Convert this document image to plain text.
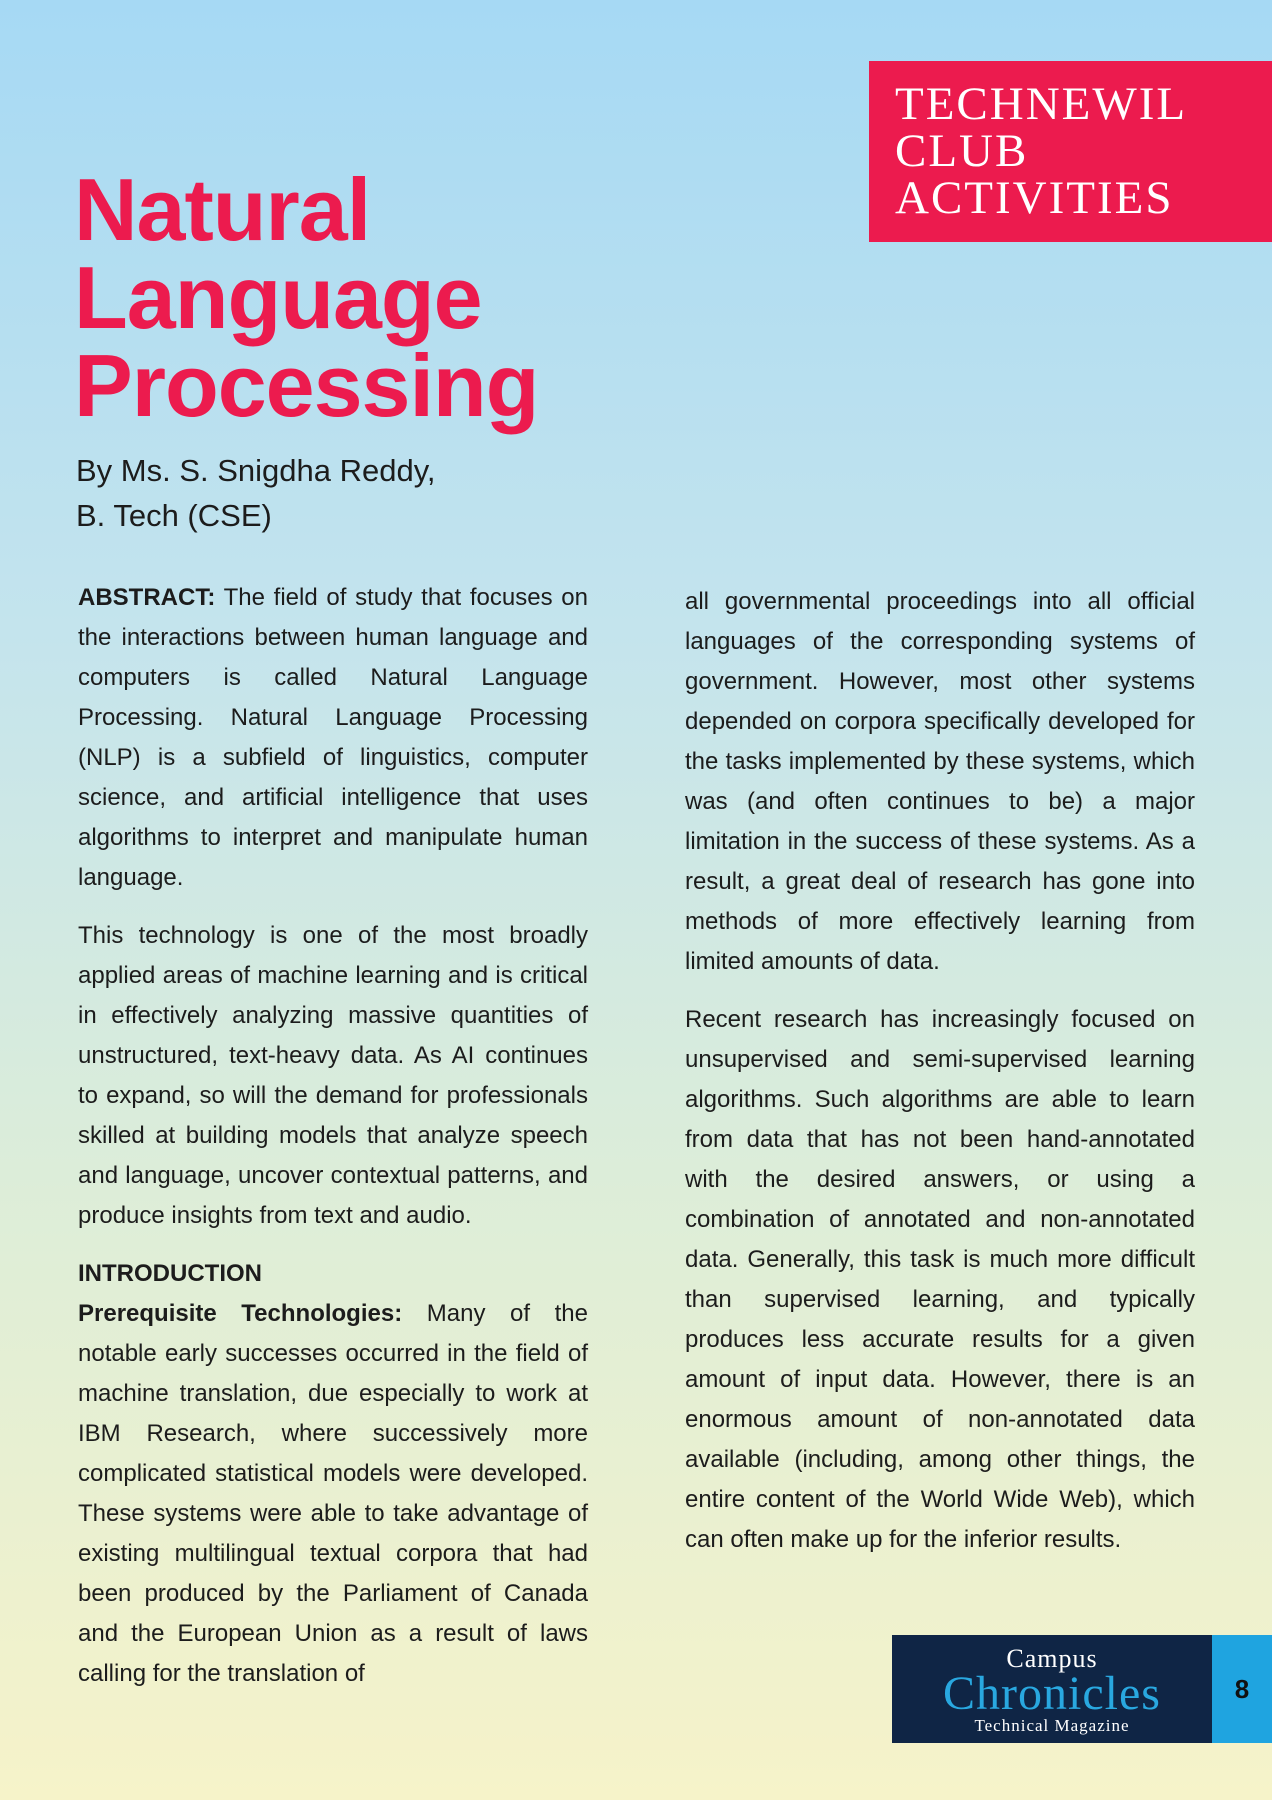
TECHNEWIL
CLUB
ACTIVITIES
Natural
Language
Processing
By Ms. S. Snigdha Reddy,
B. Tech (CSE)

ABSTRACT: The field of study that focuses on the interactions between human language and computers is called Natural Language Processing. Natural Language Processing (NLP) is a subfield of linguistics, computer science, and artificial intelligence that uses algorithms to interpret and manipulate human language.

This technology is one of the most broadly applied areas of machine learning and is critical in effectively analyzing massive quantities of unstructured, text-heavy data. As AI continues to expand, so will the demand for professionals skilled at building models that analyze speech and language, uncover contextual patterns, and produce insights from text and audio.

INTRODUCTION

Prerequisite Technologies: Many of the notable early successes occurred in the field of machine translation, due especially to work at IBM Research, where successively more complicated statistical models were developed. These systems were able to take advantage of existing multilingual textual corpora that had been produced by the Parliament of Canada and the European Union as a result of laws calling for the translation of

all governmental proceedings into all official languages of the corresponding systems of government. However, most other systems depended on corpora specifically developed for the tasks implemented by these systems, which was (and often continues to be) a major limitation in the success of these systems. As a result, a great deal of research has gone into methods of more effectively learning from limited amounts of data.

Recent research has increasingly focused on unsupervised and semi-supervised learning algorithms. Such algorithms are able to learn from data that has not been hand-annotated with the desired answers, or using a combination of annotated and non-annotated data. Generally, this task is much more difficult than supervised learning, and typically produces less accurate results for a given amount of input data. However, there is an enormous amount of non-annotated data available (including, among other things, the entire content of the World Wide Web), which can often make up for the inferior results.

Campus
Chronicles
Technical Magazine
8
